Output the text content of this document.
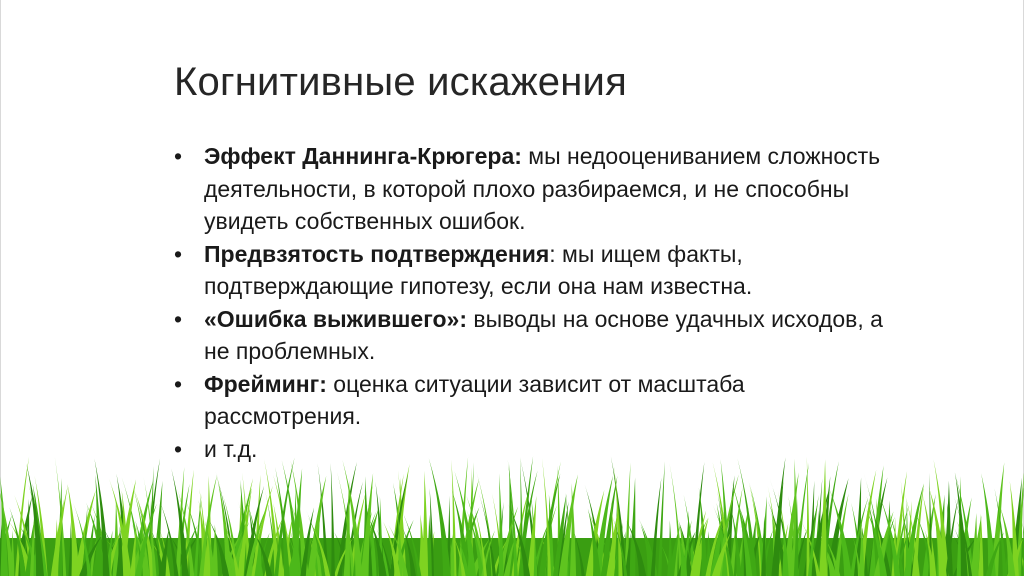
Когнитивные искажения
• Эффект Даннинга-Крюгера: мы недооцениванием сложность деятельности, в которой плохо разбираемся, и не способны увидеть собственных ошибок.
• Предвзятость подтверждения: мы ищем факты, подтверждающие гипотезу, если она нам известна.
• «Ошибка выжившего»: выводы на основе удачных исходов, а не проблемных.
• Фрейминг: оценка ситуации зависит от масштаба рассмотрения.
• и т.д.
